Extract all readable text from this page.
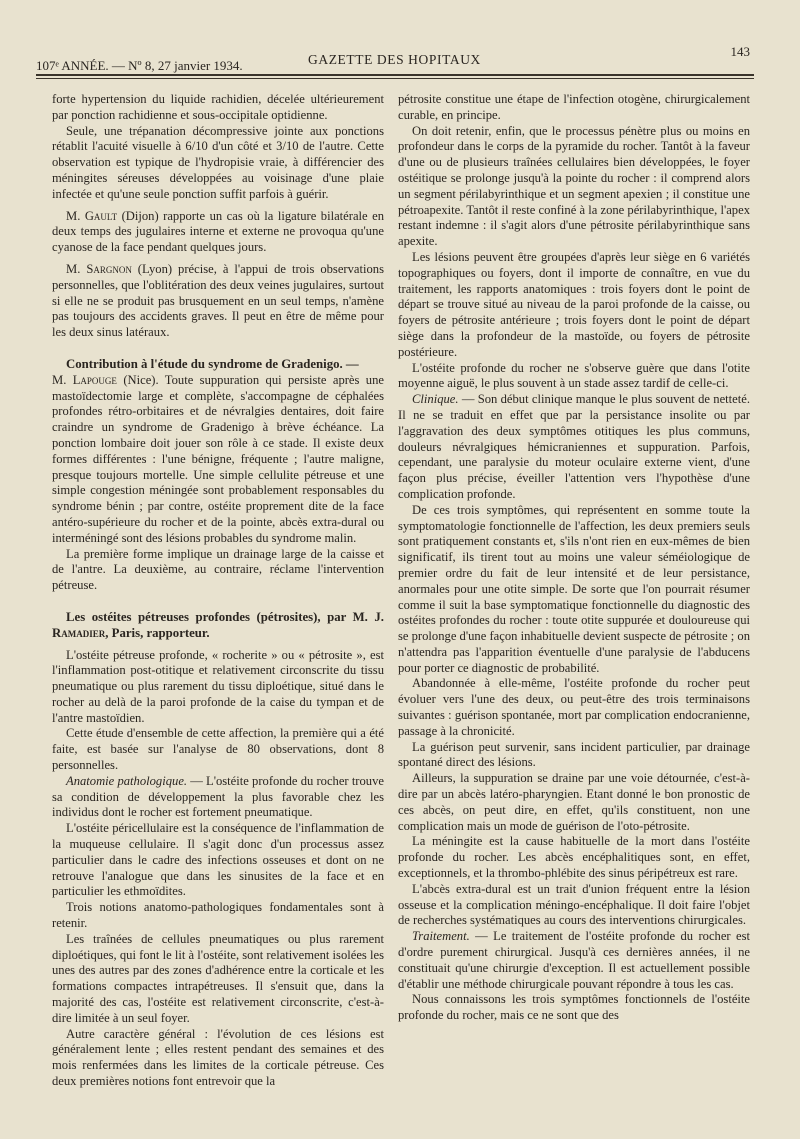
107ᵉ ANNÉE. — Nº 8, 27 janvier 1934.	GAZETTE DES HOPITAUX
143

forte hypertension du liquide rachidien, décelée ultérieurement par ponction rachidienne et sous-occipitale optidienne.

Seule, une trépanation décompressive jointe aux ponctions rétablit l'acuité visuelle à 6/10 d'un côté et 3/10 de l'autre. Cette observation est typique de l'hydropisie vraie, à différencier des méningites séreuses développées au voisinage d'une plaie infectée et qu'une seule ponction suffit parfois à guérir.

M. Gault (Dijon) rapporte un cas où la ligature bilatérale en deux temps des jugulaires interne et externe ne provoqua qu'une cyanose de la face pendant quelques jours.

M. Sargnon (Lyon) précise, à l'appui de trois observations personnelles, que l'oblitération des deux veines jugulaires, surtout si elle ne se produit pas brusquement en un seul temps, n'amène pas toujours des accidents graves. Il peut en être de même pour les deux sinus latéraux.

Contribution à l'étude du syndrome de Gradenigo. —

M. Lapouge (Nice). Toute suppuration qui persiste après une mastoïdectomie large et complète, s'accompagne de céphalées profondes rétro-orbitaires et de névralgies dentaires, doit faire craindre un syndrome de Gradenigo à brève échéance. La ponction lombaire doit jouer son rôle à ce stade. Il existe deux formes différentes : l'une bénigne, fréquente ; l'autre maligne, presque toujours mortelle. Une simple cellulite pétreuse et une simple congestion méningée sont probablement responsables du syndrome bénin ; par contre, ostéite proprement dite de la face antéro-supérieure du rocher et de la pointe, abcès extra-dural ou interméningé sont des lésions probables du syndrome malin.

La première forme implique un drainage large de la caisse et de l'antre. La deuxième, au contraire, réclame l'intervention pétreuse.

Les ostéites pétreuses profondes (pétrosites), par M. J. Ramadier, Paris, rapporteur.

L'ostéite pétreuse profonde, « rocherite » ou « pétrosite », est l'inflammation post-otitique et relativement circonscrite du tissu pneumatique ou plus rarement du tissu diploétique, situé dans le rocher au delà de la paroi profonde de la caise du tympan et de l'antre mastoïdien.

Cette étude d'ensemble de cette affection, la première qui a été faite, est basée sur l'analyse de 80 observations, dont 8 personnelles.

Anatomie pathologique. — L'ostéite profonde du rocher trouve sa condition de développement la plus favorable chez les individus dont le rocher est fortement pneumatique.

L'ostéite péricellulaire est la conséquence de l'inflammation de la muqueuse cellulaire. Il s'agit donc d'un processus assez particulier dans le cadre des infections osseuses et dont on ne retrouve l'analogue que dans les sinusites de la face et en particulier les ethmoïdites.

Trois notions anatomo-pathologiques fondamentales sont à retenir.

Les traînées de cellules pneumatiques ou plus rarement diploétiques, qui font le lit à l'ostéite, sont relativement isolées les unes des autres par des zones d'adhérence entre la corticale et les formations compactes intrapétreuses. Il s'ensuit que, dans la majorité des cas, l'ostéite est relativement circonscrite, c'est-à-dire limitée à un seul foyer.

Autre caractère général : l'évolution de ces lésions est généralement lente ; elles restent pendant des semaines et des mois renfermées dans les limites de la corticale pétreuse. Ces deux premières notions font entrevoir que la

pétrosite constitue une étape de l'infection otogène, chirurgicalement curable, en principe.

On doit retenir, enfin, que le processus pénètre plus ou moins en profondeur dans le corps de la pyramide du rocher. Tantôt à la faveur d'une ou de plusieurs traînées cellulaires bien développées, le foyer ostéitique se prolonge jusqu'à la pointe du rocher : il comprend alors un segment périlabyrinthique et un segment apexien ; il constitue une pétroapexite. Tantôt il reste confiné à la zone périlabyrinthique, l'apex restant indemne : il s'agit alors d'une pétrosite périlabyrinthique sans apexite.

Les lésions peuvent être groupées d'après leur siège en 6 variétés topographiques ou foyers, dont il importe de connaître, en vue du traitement, les rapports anatomiques : trois foyers dont le point de départ se trouve situé au niveau de la paroi profonde de la caisse, ou foyers de pétrosite antérieure ; trois foyers dont le point de départ siège dans la profondeur de la mastoïde, ou foyers de pétrosite postérieure.

L'ostéite profonde du rocher ne s'observe guère que dans l'otite moyenne aiguë, le plus souvent à un stade assez tardif de celle-ci.

Clinique. — Son début clinique manque le plus souvent de netteté. Il ne se traduit en effet que par la persistance insolite ou par l'aggravation des deux symptômes otitiques les plus communs, douleurs névralgiques hémicraniennes et suppuration. Parfois, cependant, une paralysie du moteur oculaire externe vient, d'une façon plus précise, éveiller l'attention vers l'hypothèse d'une complication profonde.

De ces trois symptômes, qui représentent en somme toute la symptomatologie fonctionnelle de l'affection, les deux premiers seuls sont pratiquement constants et, s'ils n'ont rien en eux-mêmes de bien significatif, ils tirent tout au moins une valeur séméiologique de premier ordre du fait de leur intensité et de leur persistance, anormales pour une otite simple. De sorte que l'on pourrait résumer comme il suit la base symptomatique fonctionnelle du diagnostic des ostéites profondes du rocher : toute otite suppurée et douloureuse qui se prolonge d'une façon inhabituelle devient suspecte de pétrosite ; on n'attendra pas l'apparition éventuelle d'une paralysie de l'abducens pour porter ce diagnostic de probabilité.

Abandonnée à elle-même, l'ostéite profonde du rocher peut évoluer vers l'une des deux, ou peut-être des trois terminaisons suivantes : guérison spontanée, mort par complication endocranienne, passage à la chronicité.

La guérison peut survenir, sans incident particulier, par drainage spontané direct des lésions.

Ailleurs, la suppuration se draine par une voie détournée, c'est-à-dire par un abcès latéro-pharyngien. Etant donné le bon pronostic de ces abcès, on peut dire, en effet, qu'ils constituent, non une complication mais un mode de guérison de l'oto-pétrosite.

La méningite est la cause habituelle de la mort dans l'ostéite profonde du rocher. Les abcès encéphalitiques sont, en effet, exceptionnels, et la thrombo-phlébite des sinus péripétreux est rare.

L'abcès extra-dural est un trait d'union fréquent entre la lésion osseuse et la complication méningo-encéphalique. Il doit faire l'objet de recherches systématiques au cours des interventions chirurgicales.

Traitement. — Le traitement de l'ostéite profonde du rocher est d'ordre purement chirurgical. Jusqu'à ces dernières années, il ne constituait qu'une chirurgie d'exception. Il est actuellement possible d'établir une méthode chirurgicale pouvant répondre à tous les cas.

Nous connaissons les trois symptômes fonctionnels de l'ostéite profonde du rocher, mais ce ne sont que des
